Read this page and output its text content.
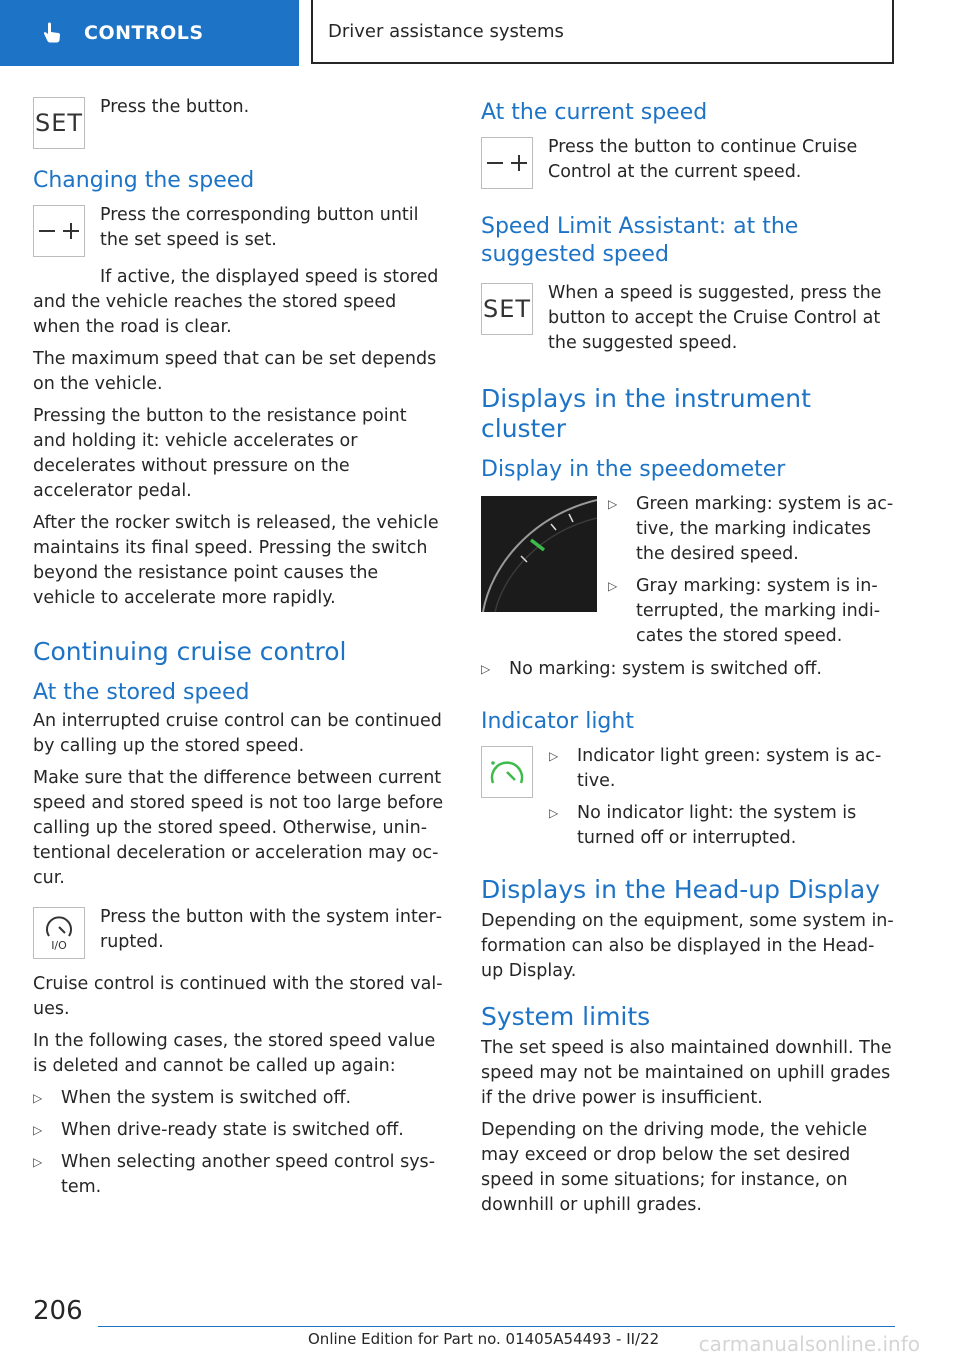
CONTROLS	Driver assistance systems
SET

Press the button.

Changing the speed

Press the corresponding button until the set speed is set.

If active, the displayed speed is stored and the vehicle reaches the stored speed when the road is clear.

The maximum speed that can be set depends on the vehicle.

Pressing the button to the resistance point and holding it: vehicle accelerates or decelerates without pressure on the accelerator pedal.

After the rocker switch is released, the vehicle maintains its final speed. Pressing the switch beyond the resistance point causes the vehicle to accelerate more rapidly.

Continuing cruise control
At the stored speed

An interrupted cruise control can be continued by calling up the stored speed.

Make sure that the difference between current speed and stored speed is not too large before calling up the stored speed. Otherwise, unintentional deceleration or acceleration may occur.

I/O

Press the button with the system interrupted.

Cruise control is continued with the stored values.

In the following cases, the stored speed value is deleted and cannot be called up again:

▷	When the system is switched off.
▷	When drive-ready state is switched off.
▷	When selecting another speed control system.
At the current speed

Press the button to continue Cruise Control at the current speed.

Speed Limit Assistant: at the suggested speed
SET

When a speed is suggested, press the button to accept the Cruise Control at the suggested speed.

Displays in the instrument cluster
Display in the speedometer
▷	Green marking: system is active, the marking indicates the desired speed.
▷	Gray marking: system is interrupted, the marking indicates the stored speed.
▷	No marking: system is switched off.
Indicator light
▷	Indicator light green: system is active.
▷	No indicator light: the system is turned off or interrupted.
Displays in the Head-up Display

Depending on the equipment, some system information can also be displayed in the Head-up Display.

System limits

The set speed is also maintained downhill. The speed may not be maintained on uphill grades if the drive power is insufficient.

Depending on the driving mode, the vehicle may exceed or drop below the set desired speed in some situations; for instance, on downhill or uphill grades.

206
Online Edition for Part no. 01405A54493 - II/22 carmanualsonline.info
